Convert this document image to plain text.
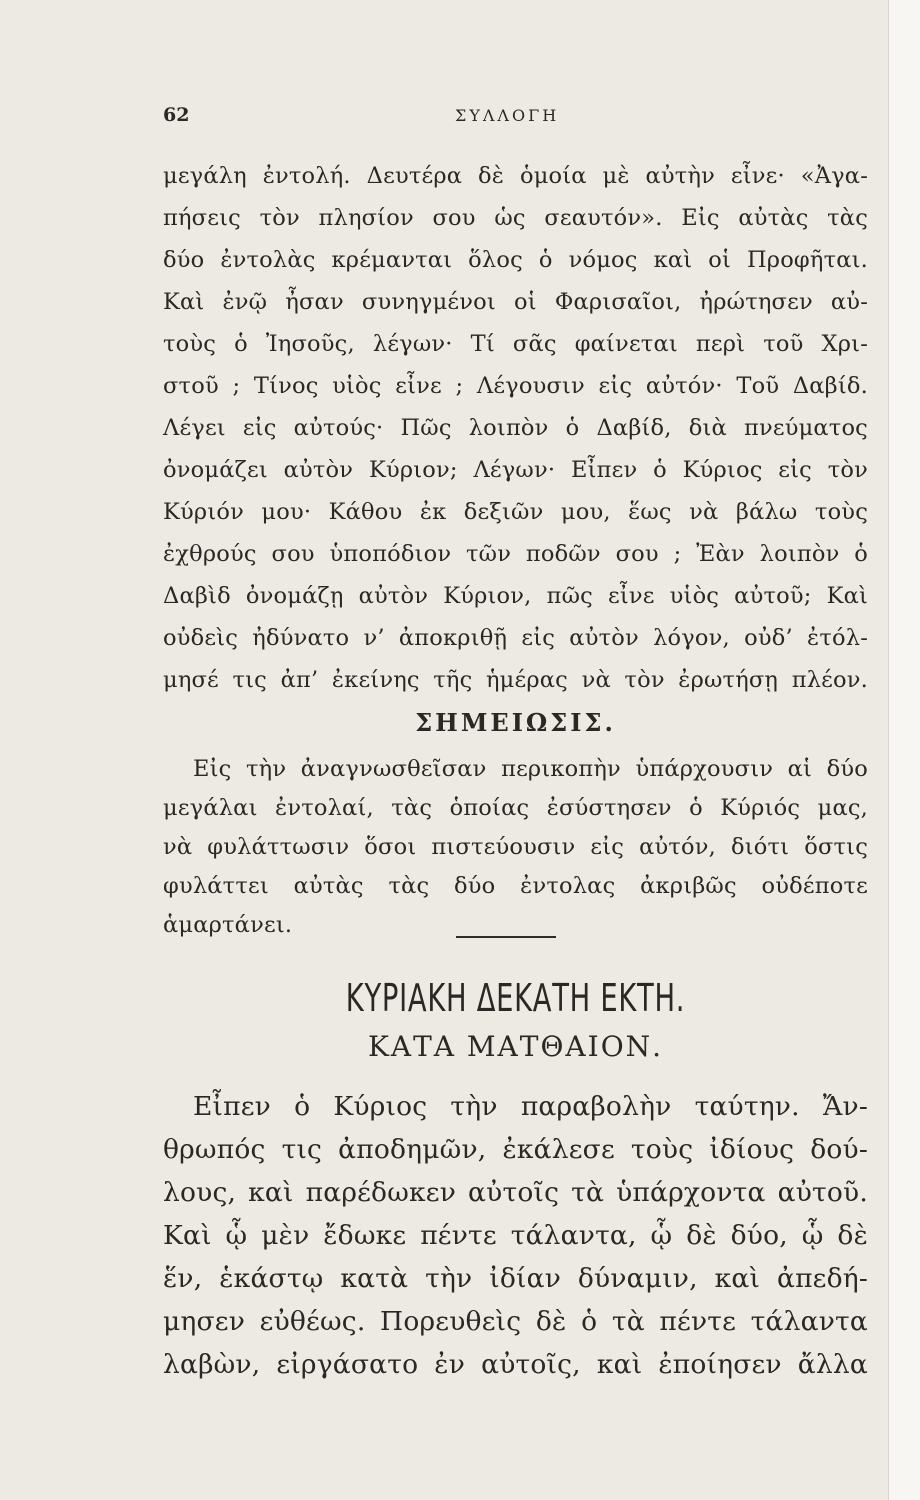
62	ΣΥΛΛΟΓΗ
μεγάλη ἐντολή. Δευτέρα δὲ ὁμοία μὲ αὐτὴν εἶνε· «Ἀγα-
πήσεις τὸν πλησίον σου ὡς σεαυτόν». Εἰς αὐτὰς τὰς
δύο ἐντολὰς κρέμανται ὅλος ὁ νόμος καὶ οἱ Προφῆται.
Καὶ ἐνῷ ἦσαν συνηγμένοι οἱ Φαρισαῖοι, ἠρώτησεν αὐ-
τοὺς ὁ Ἰησοῦς, λέγων· Τί σᾶς φαίνεται περὶ τοῦ Χρι-
στοῦ ; Τίνος υἱὸς εἶνε ; Λέγουσιν εἰς αὐτόν· Τοῦ Δαβίδ.
Λέγει εἰς αὐτούς· Πῶς λοιπὸν ὁ Δαβίδ, διὰ πνεύματος
ὀνομάζει αὐτὸν Κύριον; Λέγων· Εἶπεν ὁ Κύριος εἰς τὸν
Κύριόν μου· Κάθου ἐκ δεξιῶν μου, ἕως νὰ βάλω τοὺς
ἐχθρούς σου ὑποπόδιον τῶν ποδῶν σου ; Ἐὰν λοιπὸν ὁ
Δαβὶδ ὀνομάζῃ αὐτὸν Κύριον, πῶς εἶνε υἱὸς αὐτοῦ; Καὶ
οὐδεὶς ἠδύνατο ν’ ἀποκριθῇ εἰς αὐτὸν λόγον, οὐδ’ ἐτόλ-
μησέ τις ἀπ’ ἐκείνης τῆς ἡμέρας νὰ τὸν ἐρωτήσῃ πλέον.
ΣΗΜΕΙΩΣΙΣ.
Εἰς τὴν ἀναγνωσθεῖσαν περικοπὴν ὑπάρχουσιν αἱ δύο
μεγάλαι ἐντολαί, τὰς ὁποίας ἐσύστησεν ὁ Κύριός μας,
νὰ φυλάττωσιν ὅσοι πιστεύουσιν εἰς αὐτόν, διότι ὅστις
φυλάττει αὐτὰς τὰς δύο ἐντολας ἀκριβῶς οὐδέποτε
ἁμαρτάνει.
ΚΥΡΙΑΚΗ ΔΕΚΑΤΗ ΕΚΤΗ.
ΚΑΤΑ ΜΑΤΘΑΙΟΝ.
Εἶπεν ὁ Κύριος τὴν παραβολὴν ταύτην. Ἄν-
θρωπός τις ἀποδημῶν, ἐκάλεσε τοὺς ἰδίους δού-
λους, καὶ παρέδωκεν αὐτοῖς τὰ ὑπάρχοντα αὐτοῦ.
Καὶ ᾧ μὲν ἔδωκε πέντε τάλαντα, ᾧ δὲ δύο, ᾧ δὲ
ἕν, ἑκάστῳ κατὰ τὴν ἰδίαν δύναμιν, καὶ ἀπεδή-
μησεν εὐθέως. Πορευθεὶς δὲ ὁ τὰ πέντε τάλαντα
λαβὼν, εἰργάσατο ἐν αὐτοῖς, καὶ ἐποίησεν ἄλλα
